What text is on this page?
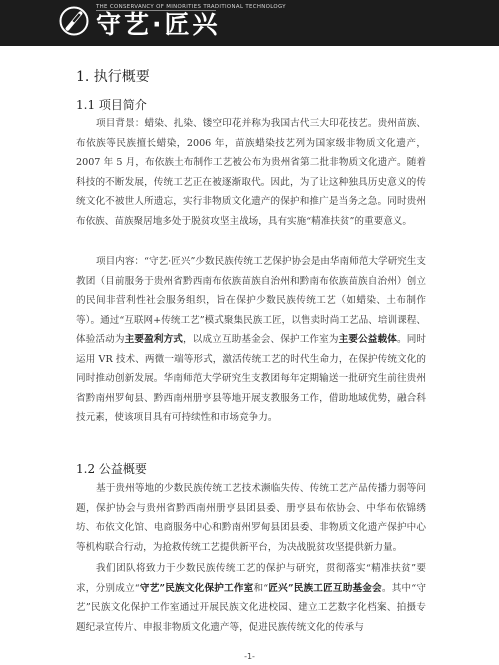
THE CONSERVANCY OF MINORITIES TRADITIONAL TECHNOLOGY
守艺·匠兴
1. 执行概要
1.1 项目简介

项目背景：蜡染、扎染、镂空印花并称为我国古代三大印花技艺。贵州苗族、布依族等民族擅长蜡染，2006 年，苗族蜡染技艺列为国家级非物质文化遗产，2007 年 5 月，布依族土布制作工艺被公布为贵州省第二批非物质文化遗产。随着科技的不断发展，传统工艺正在被逐渐取代。因此，为了让这种独具历史意义的传统文化不被世人所遗忘，实行非物质文化遗产的保护和推广是当务之急。同时贵州布依族、苗族聚居地多处于脱贫攻坚主战场，具有实施“精准扶贫”的重要意义。

项目内容：“守艺·匠兴”少数民族传统工艺保护协会是由华南师范大学研究生支教团（目前服务于贵州省黔西南布依族苗族自治州和黔南布依族苗族自治州）创立的民间非营利性社会服务组织，旨在保护少数民族传统工艺（如蜡染、土布制作等）。通过“互联网+传统工艺”模式聚集民族工匠，以售卖时尚工艺品、培训课程、体验活动为主要盈利方式，以成立互助基金会、保护工作室为主要公益载体。同时运用 VR 技术、两微一端等形式，激活传统工艺的时代生命力，在保护传统文化的同时推动创新发展。华南师范大学研究生支教团每年定期输送一批研究生前往贵州省黔南州罗甸县、黔西南州册亨县等地开展支教服务工作，借助地域优势，融合科技元素，使该项目具有可持续性和市场竞争力。

1.2 公益概要

基于贵州等地的少数民族传统工艺技术濒临失传、传统工艺产品传播力弱等问题，保护协会与贵州省黔西南州册亨县团县委、册亨县布依协会、中华布依锦绣坊、布依文化馆、电商服务中心和黔南州罗甸县团县委、非物质文化遗产保护中心等机构联合行动，为抢救传统工艺提供新平台，为决战脱贫攻坚提供新力量。

我们团队将致力于少数民族传统工艺的保护与研究，贯彻落实“精准扶贫”要求，分别成立“守艺”民族文化保护工作室和“匠兴”民族工匠互助基金会。其中“守艺”民族文化保护工作室通过开展民族文化进校园、建立工艺数字化档案、拍摄专题纪录宣传片、申报非物质文化遗产等，促进民族传统文化的传承与

-1-
